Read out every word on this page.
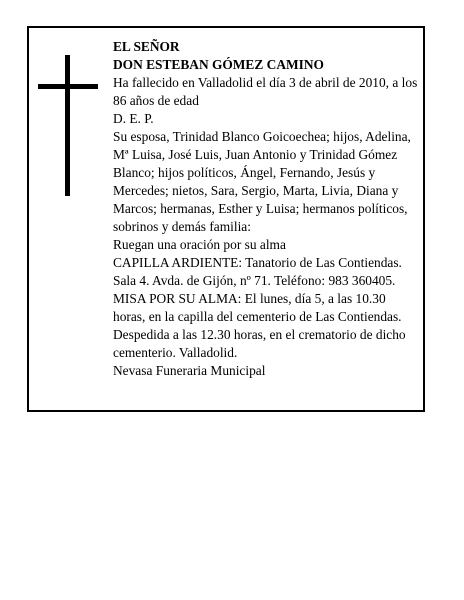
EL SEÑOR

DON ESTEBAN GÓMEZ CAMINO

Ha fallecido en Valladolid el día 3 de abril de 2010, a los 86 años de edad

D. E. P.

Su esposa, Trinidad Blanco Goicoechea; hijos, Adelina, Mª Luisa, José Luis, Juan Antonio y Trinidad Gómez Blanco; hijos políticos, Ángel, Fernando, Jesús y Mercedes; nietos, Sara, Sergio, Marta, Livia, Diana y Marcos; hermanas, Esther y Luisa; hermanos políticos, sobrinos y demás familia:

Ruegan una oración por su alma

CAPILLA ARDIENTE: Tanatorio de Las Contiendas. Sala 4. Avda. de Gijón, nº 71. Teléfono: 983 360405.

MISA POR SU ALMA: El lunes, día 5, a las 10.30 horas, en la capilla del cementerio de Las Contiendas.

Despedida a las 12.30 horas, en el crematorio de dicho cementerio. Valladolid.

Nevasa Funeraria Municipal
